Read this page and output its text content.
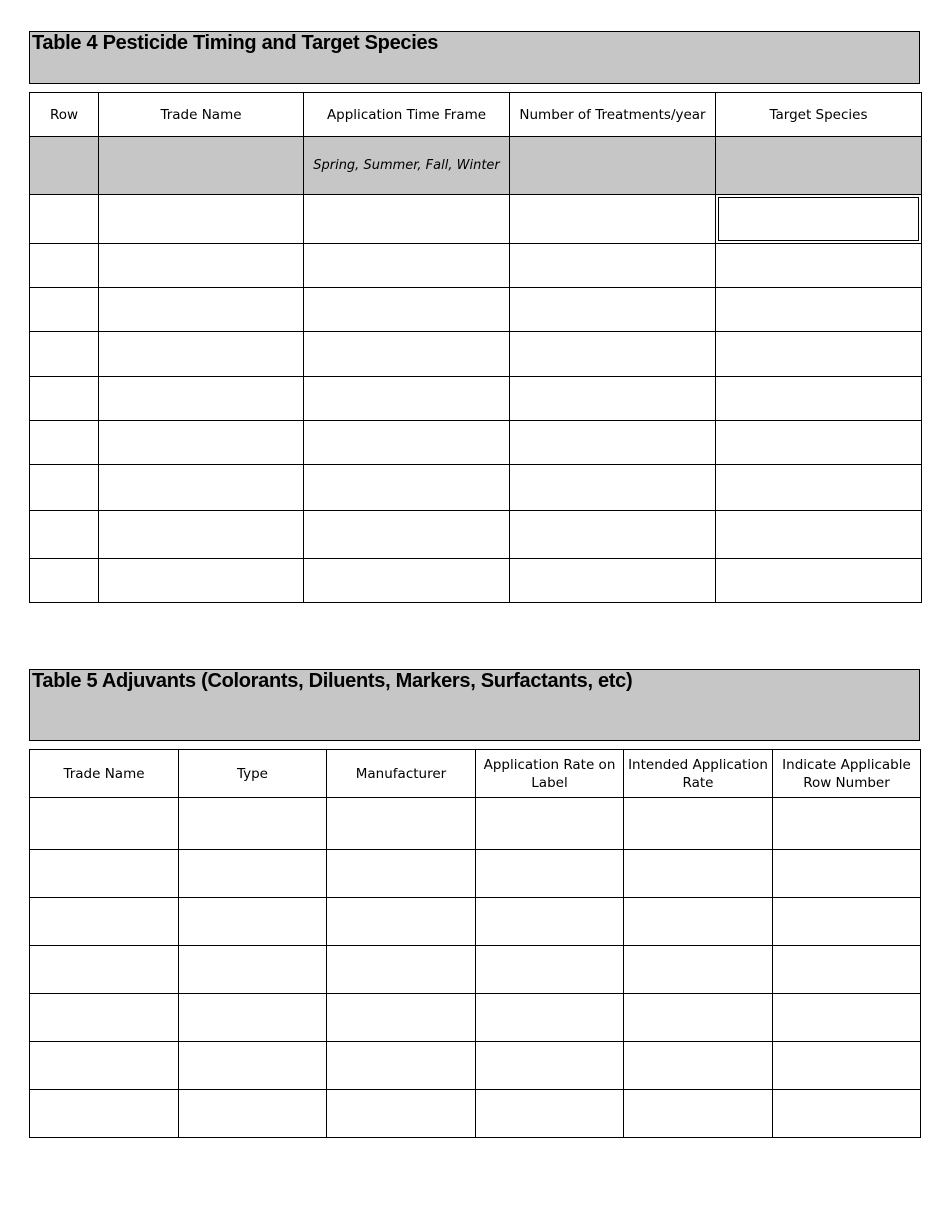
Table 4 Pesticide Timing and Target Species
Row	Trade Name	Application Time Frame	Number of Treatments/year	Target Species
		Spring, Summer, Fall, Winter		

Table 5 Adjuvants (Colorants, Diluents, Markers, Surfactants, etc)
Trade Name	Type	Manufacturer	Application Rate on Label	Intended Application Rate	Indicate Applicable Row Number
